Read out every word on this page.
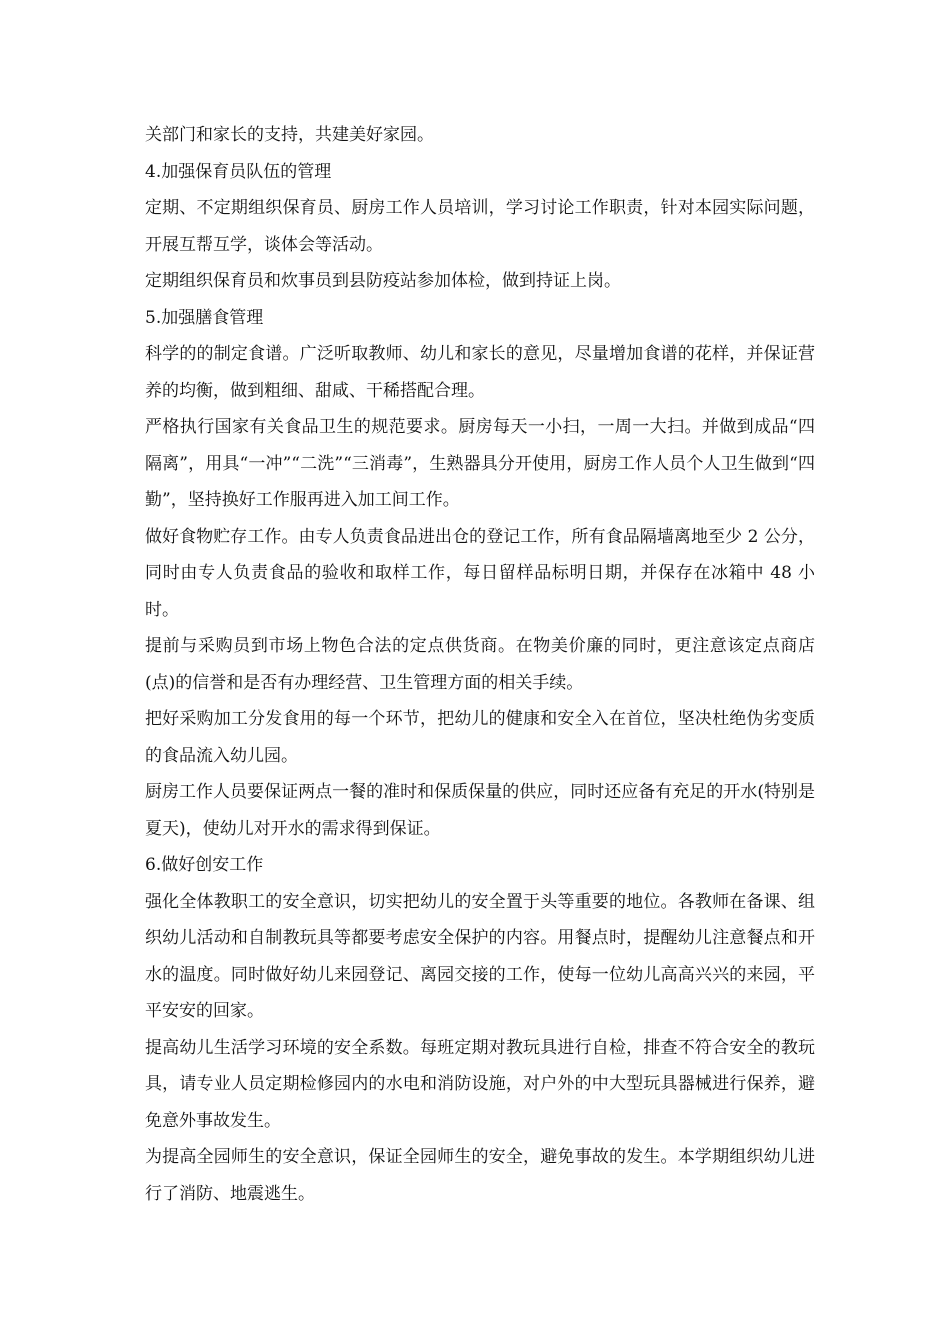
关部门和家长的支持，共建美好家园。

4.加强保育员队伍的管理

定期、不定期组织保育员、厨房工作人员培训，学习讨论工作职责，针对本园实际问题，开展互帮互学，谈体会等活动。

定期组织保育员和炊事员到县防疫站参加体检，做到持证上岗。

5.加强膳食管理

科学的的制定食谱。广泛听取教师、幼儿和家长的意见，尽量增加食谱的花样，并保证营养的均衡，做到粗细、甜咸、干稀搭配合理。

严格执行国家有关食品卫生的规范要求。厨房每天一小扫，一周一大扫。并做到成品“四隔离”，用具“一冲”“二洗”“三消毒”，生熟器具分开使用，厨房工作人员个人卫生做到“四勤”，坚持换好工作服再进入加工间工作。

做好食物贮存工作。由专人负责食品进出仓的登记工作，所有食品隔墙离地至少 2 公分，同时由专人负责食品的验收和取样工作，每日留样品标明日期，并保存在冰箱中 48 小时。

提前与采购员到市场上物色合法的定点供货商。在物美价廉的同时，更注意该定点商店(点)的信誉和是否有办理经营、卫生管理方面的相关手续。

把好采购加工分发食用的每一个环节，把幼儿的健康和安全入在首位，坚决杜绝伪劣变质的食品流入幼儿园。

厨房工作人员要保证两点一餐的准时和保质保量的供应，同时还应备有充足的开水(特别是夏天)，使幼儿对开水的需求得到保证。

6.做好创安工作

强化全体教职工的安全意识，切实把幼儿的安全置于头等重要的地位。各教师在备课、组织幼儿活动和自制教玩具等都要考虑安全保护的内容。用餐点时，提醒幼儿注意餐点和开水的温度。同时做好幼儿来园登记、离园交接的工作，使每一位幼儿高高兴兴的来园，平平安安的回家。

提高幼儿生活学习环境的安全系数。每班定期对教玩具进行自检，排查不符合安全的教玩具，请专业人员定期检修园内的水电和消防设施，对户外的中大型玩具器械进行保养，避免意外事故发生。

为提高全园师生的安全意识，保证全园师生的安全，避免事故的发生。本学期组织幼儿进行了消防、地震逃生。
